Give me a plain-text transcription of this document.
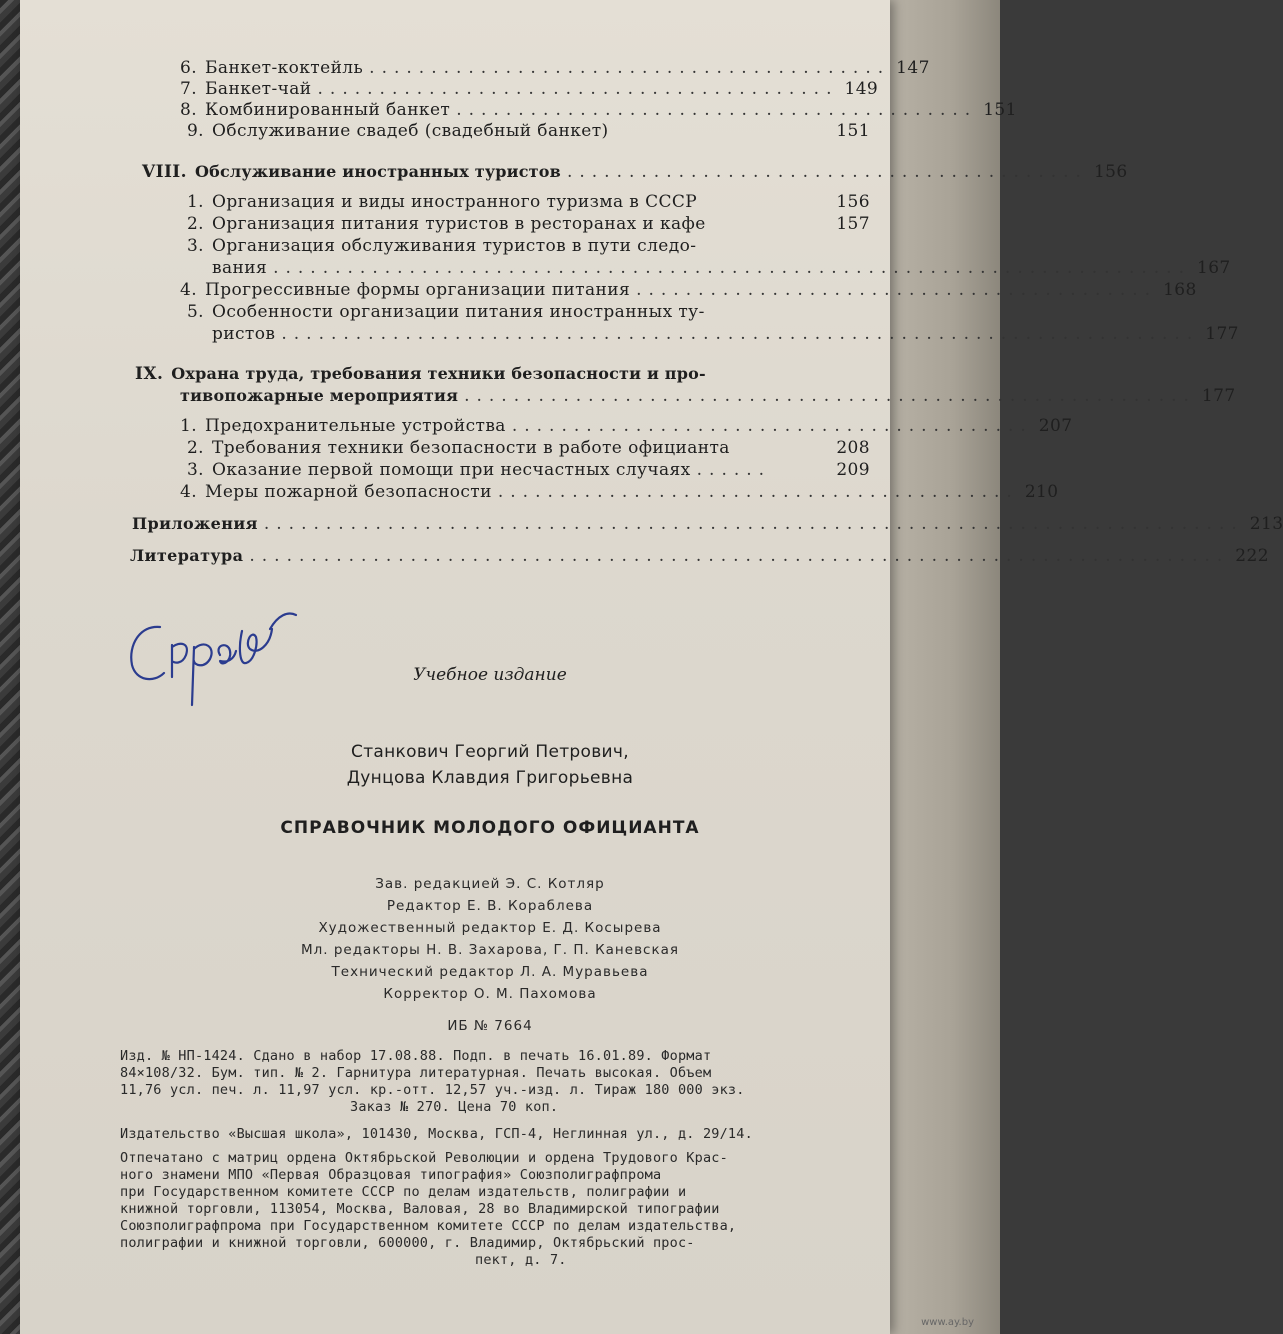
6. Банкет-коктейль .......................................... 147
7. Банкет-чай .......................................... 149
8. Комбинированный банкет .......................................... 151
9. Обслуживание свадеб (свадебный банкет)	151
VIII. Обслуживание иностранных туристов .......................................... 156
1. Организация и виды иностранного туризма в СССР	156
2. Организация питания туристов в ресторанах и кафе	157
3. Организация обслуживания туристов в пути следо-
вания .......................................................................... 167
4. Прогрессивные формы организации питания .......................................... 168
5. Особенности организации питания иностранных ту-
ристов .......................................................................... 177
IX. Охрана труда, требования техники безопасности и про-
тивопожарные мероприятия ........................................................... 177
1. Предохранительные устройства .......................................... 207
2. Требования техники безопасности в работе официанта	208
3. Оказание первой помощи при несчастных случаях ......	209
4. Меры пожарной безопасности .......................................... 210
Приложения ............................................................................... 213
Литература ............................................................................... 222
Учебное издание
Станкович Георгий Петрович,
Дунцова Клавдия Григорьевна
СПРАВОЧНИК МОЛОДОГО ОФИЦИАНТА
Зав. редакцией Э. С. Котляр
Редактор Е. В. Кораблева
Художественный редактор Е. Д. Косырева
Мл. редакторы Н. В. Захарова, Г. П. Каневская
Технический редактор Л. А. Муравьева
Корректор О. М. Пахомова
ИБ № 7664
Изд. № НП-1424. Сдано в набор 17.08.88. Подп. в печать 16.01.89. Формат
84×108/32. Бум. тип. № 2. Гарнитура литературная. Печать высокая. Объем
11,76 усл. печ. л. 11,97 усл. кр.-отт. 12,57 уч.-изд. л. Тираж 180 000 экз.
Заказ № 270. Цена 70 коп.
Издательство «Высшая школа», 101430, Москва, ГСП-4, Неглинная ул., д. 29/14.
Отпечатано с матриц ордена Октябрьской Революции и ордена Трудового Крас-
ного знамени МПО «Первая Образцовая типография» Союзполиграфпрома
при Государственном комитете СССР по делам издательств, полиграфии и
книжной торговли, 113054, Москва, Валовая, 28 во Владимирской типографии
Союзполиграфпрома при Государственном комитете СССР по делам издательства,
полиграфии и книжной торговли, 600000, г. Владимир, Октябрьский прос-
пект, д. 7.
www.ay.by
